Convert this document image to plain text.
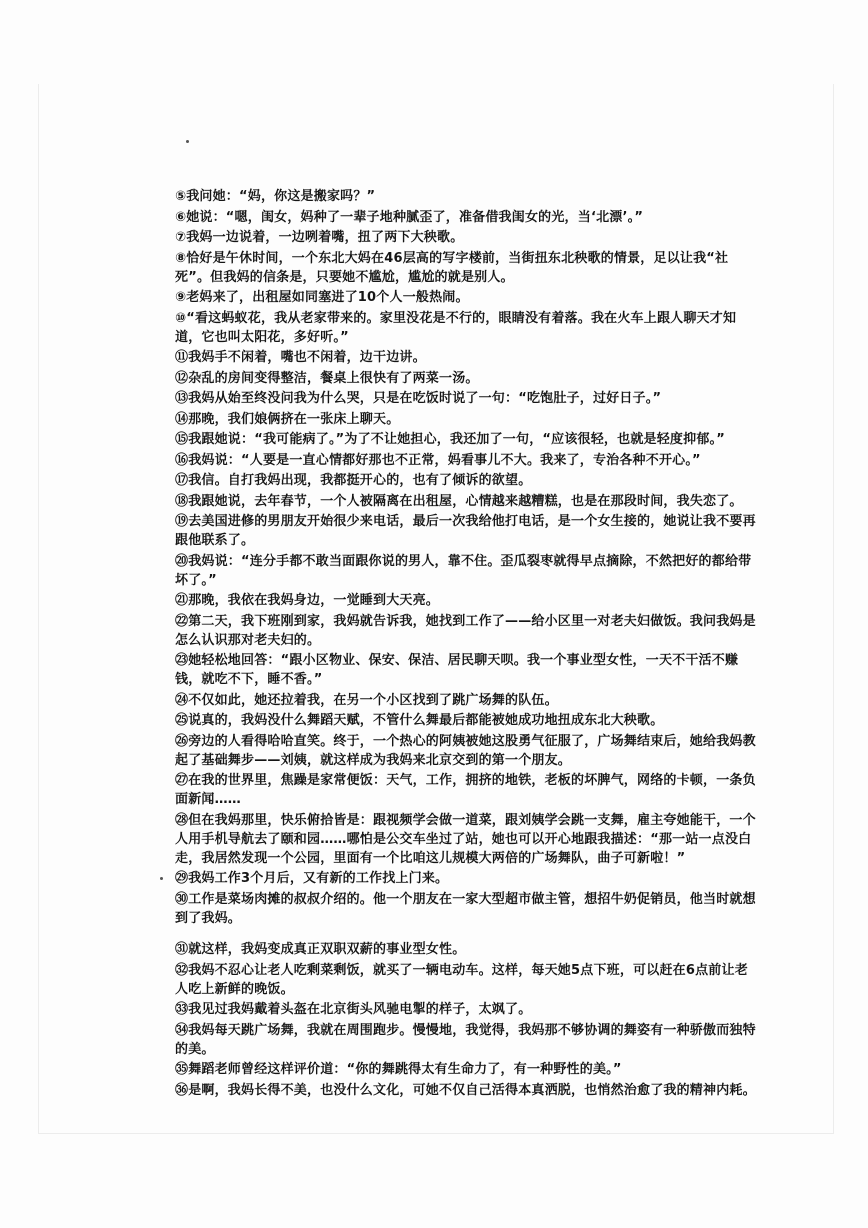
⑤我问她：“妈，你这是搬家吗？”

⑥她说：“嗯，闺女，妈种了一辈子地种腻歪了，准备借我闺女的光，当‘北漂’。”

⑦我妈一边说着，一边咧着嘴，扭了两下大秧歌。

⑧恰好是午休时间，一个东北大妈在46层高的写字楼前，当街扭东北秧歌的情景，足以让我“社死”。但我妈的信条是，只要她不尴尬，尴尬的就是别人。

⑨老妈来了，出租屋如同塞进了10个人一般热闹。

⑩“看这蚂蚁花，我从老家带来的。家里没花是不行的，眼睛没有着落。我在火车上跟人聊天才知道，它也叫太阳花，多好听。”

⑪我妈手不闲着，嘴也不闲着，边干边讲。

⑫杂乱的房间变得整洁，餐桌上很快有了两菜一汤。

⑬我妈从始至终没问我为什么哭，只是在吃饭时说了一句：“吃饱肚子，过好日子。”

⑭那晚，我们娘俩挤在一张床上聊天。

⑮我跟她说：“我可能病了。”为了不让她担心，我还加了一句，“应该很轻，也就是轻度抑郁。”

⑯我妈说：“人要是一直心情都好那也不正常，妈看事儿不大。我来了，专治各种不开心。”

⑰我信。自打我妈出现，我都挺开心的，也有了倾诉的欲望。

⑱我跟她说，去年春节，一个人被隔离在出租屋，心情越来越糟糕，也是在那段时间，我失恋了。

⑲去美国进修的男朋友开始很少来电话，最后一次我给他打电话，是一个女生接的，她说让我不要再跟他联系了。

⑳我妈说：“连分手都不敢当面跟你说的男人，靠不住。歪瓜裂枣就得早点摘除，不然把好的都给带坏了。”

㉑那晚，我依在我妈身边，一觉睡到大天亮。

㉒第二天，我下班刚到家，我妈就告诉我，她找到工作了——给小区里一对老夫妇做饭。我问我妈是怎么认识那对老夫妇的。

㉓她轻松地回答：“跟小区物业、保安、保洁、居民聊天呗。我一个事业型女性，一天不干活不赚钱，就吃不下，睡不香。”

㉔不仅如此，她还拉着我，在另一个小区找到了跳广场舞的队伍。

㉕说真的，我妈没什么舞蹈天赋，不管什么舞最后都能被她成功地扭成东北大秧歌。

㉖旁边的人看得哈哈直笑。终于，一个热心的阿姨被她这股勇气征服了，广场舞结束后，她给我妈教起了基础舞步——刘姨，就这样成为我妈来北京交到的第一个朋友。

㉗在我的世界里，焦躁是家常便饭：天气，工作，拥挤的地铁，老板的坏脾气，网络的卡顿，一条负面新闻……

㉘但在我妈那里，快乐俯拾皆是：跟视频学会做一道菜，跟刘姨学会跳一支舞，雇主夸她能干，一个人用手机导航去了颐和园……哪怕是公交车坐过了站，她也可以开心地跟我描述：“那一站一点没白走，我居然发现一个公园，里面有一个比咱这儿规模大两倍的广场舞队，曲子可新啦！”

㉙我妈工作3个月后，又有新的工作找上门来。

㉚工作是菜场肉摊的叔叔介绍的。他一个朋友在一家大型超市做主管，想招牛奶促销员，他当时就想到了我妈。

㉛就这样，我妈变成真正双职双薪的事业型女性。

㉜我妈不忍心让老人吃剩菜剩饭，就买了一辆电动车。这样，每天她5点下班，可以赶在6点前让老人吃上新鲜的晚饭。

㉝我见过我妈戴着头盔在北京街头风驰电掣的样子，太飒了。

㉞我妈每天跳广场舞，我就在周围跑步。慢慢地，我觉得，我妈那不够协调的舞姿有一种骄傲而独特的美。

㉟舞蹈老师曾经这样评价道：“你的舞跳得太有生命力了，有一种野性的美。”

㊱是啊，我妈长得不美，也没什么文化，可她不仅自己活得本真洒脱，也悄然治愈了我的精神内耗。
